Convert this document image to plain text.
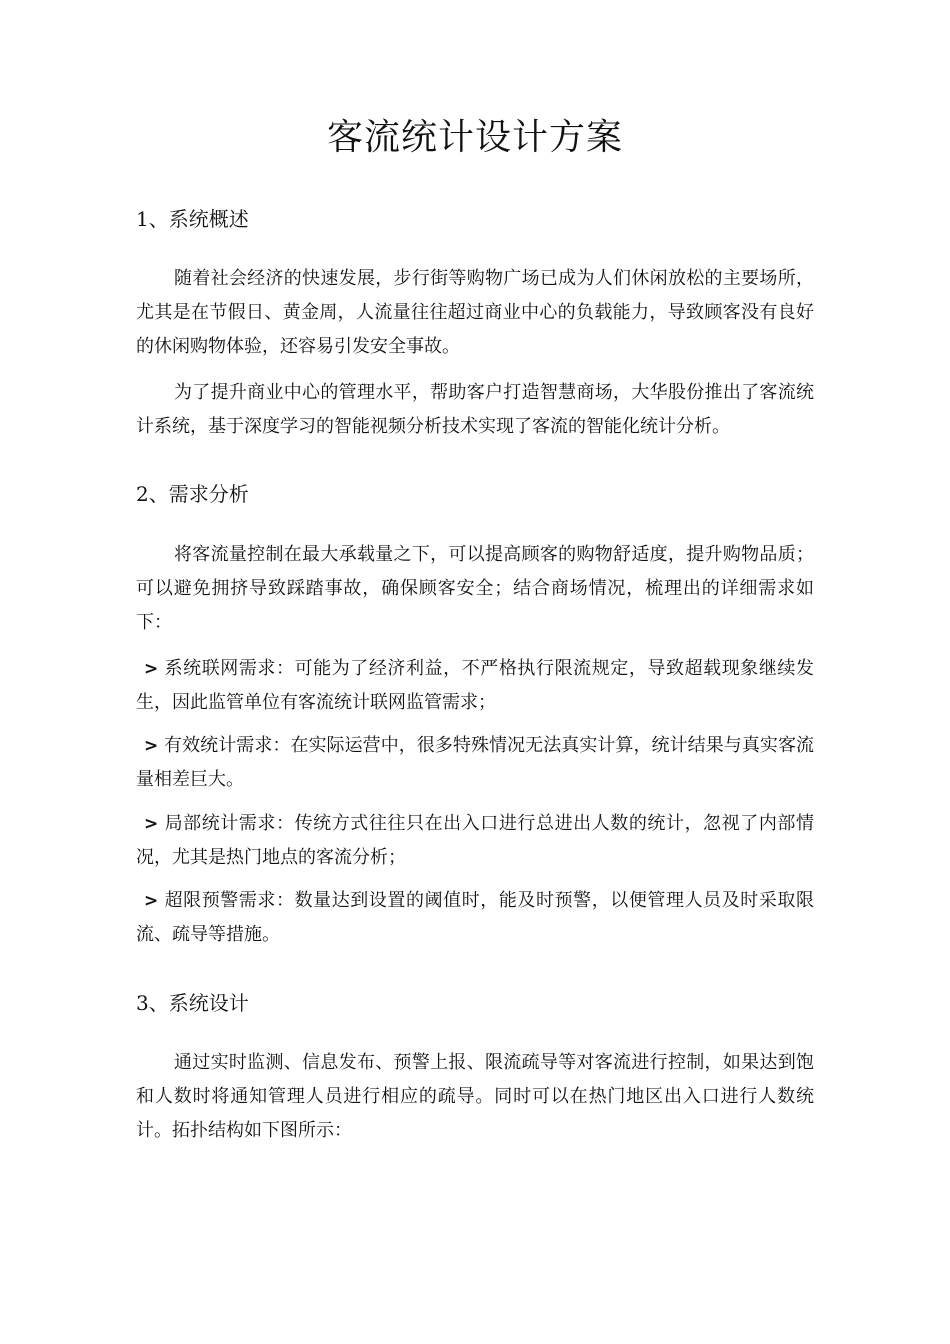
客流统计设计方案
1、系统概述
随着社会经济的快速发展，步行街等购物广场已成为人们休闲放松的主要场所，尤其是在节假日、黄金周，人流量往往超过商业中心的负载能力，导致顾客没有良好的休闲购物体验，还容易引发安全事故。
为了提升商业中心的管理水平，帮助客户打造智慧商场，大华股份推出了客流统计系统，基于深度学习的智能视频分析技术实现了客流的智能化统计分析。
2、需求分析
将客流量控制在最大承载量之下，可以提高顾客的购物舒适度，提升购物品质；可以避免拥挤导致踩踏事故，确保顾客安全；结合商场情况，梳理出的详细需求如下：
> 系统联网需求：可能为了经济利益，不严格执行限流规定，导致超载现象继续发生，因此监管单位有客流统计联网监管需求；
> 有效统计需求：在实际运营中，很多特殊情况无法真实计算，统计结果与真实客流量相差巨大。
> 局部统计需求：传统方式往往只在出入口进行总进出人数的统计，忽视了内部情况，尤其是热门地点的客流分析；
> 超限预警需求：数量达到设置的阈值时，能及时预警，以便管理人员及时采取限流、疏导等措施。
3、系统设计
通过实时监测、信息发布、预警上报、限流疏导等对客流进行控制，如果达到饱和人数时将通知管理人员进行相应的疏导。同时可以在热门地区出入口进行人数统计。拓扑结构如下图所示：
